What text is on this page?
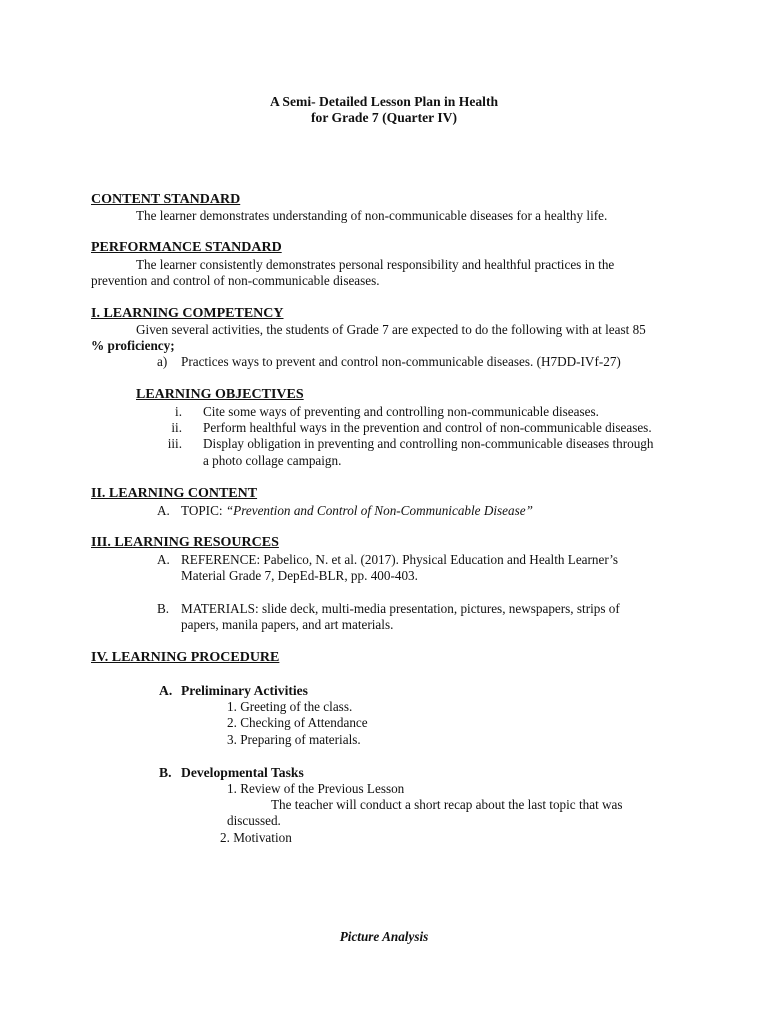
A Semi- Detailed Lesson Plan in Health
for Grade 7 (Quarter IV)
CONTENT STANDARD
The learner demonstrates understanding of non-communicable diseases for a healthy life.
PERFORMANCE STANDARD
The learner consistently demonstrates personal responsibility and healthful practices in the
prevention and control of non-communicable diseases.
I. LEARNING COMPETENCY
Given several activities, the students of Grade 7 are expected to do the following with at least 85
% proficiency;
a) Practices ways to prevent and control non-communicable diseases. (H7DD-IVf-27)
LEARNING OBJECTIVES
i. Cite some ways of preventing and controlling non-communicable diseases.
ii. Perform healthful ways in the prevention and control of non-communicable diseases.
iii. Display obligation in preventing and controlling non-communicable diseases through
a photo collage campaign.
II. LEARNING CONTENT
A. TOPIC: “Prevention and Control of Non-Communicable Disease”
III. LEARNING RESOURCES
A. REFERENCE: Pabelico, N. et al. (2017). Physical Education and Health Learner’s
Material Grade 7, DepEd-BLR, pp. 400-403.
B. MATERIALS: slide deck, multi-media presentation, pictures, newspapers, strips of
papers, manila papers, and art materials.
IV. LEARNING PROCEDURE
A. Preliminary Activities
1. Greeting of the class.
2. Checking of Attendance
3. Preparing of materials.
B. Developmental Tasks
1. Review of the Previous Lesson
The teacher will conduct a short recap about the last topic that was
discussed.
2. Motivation
Picture Analysis
